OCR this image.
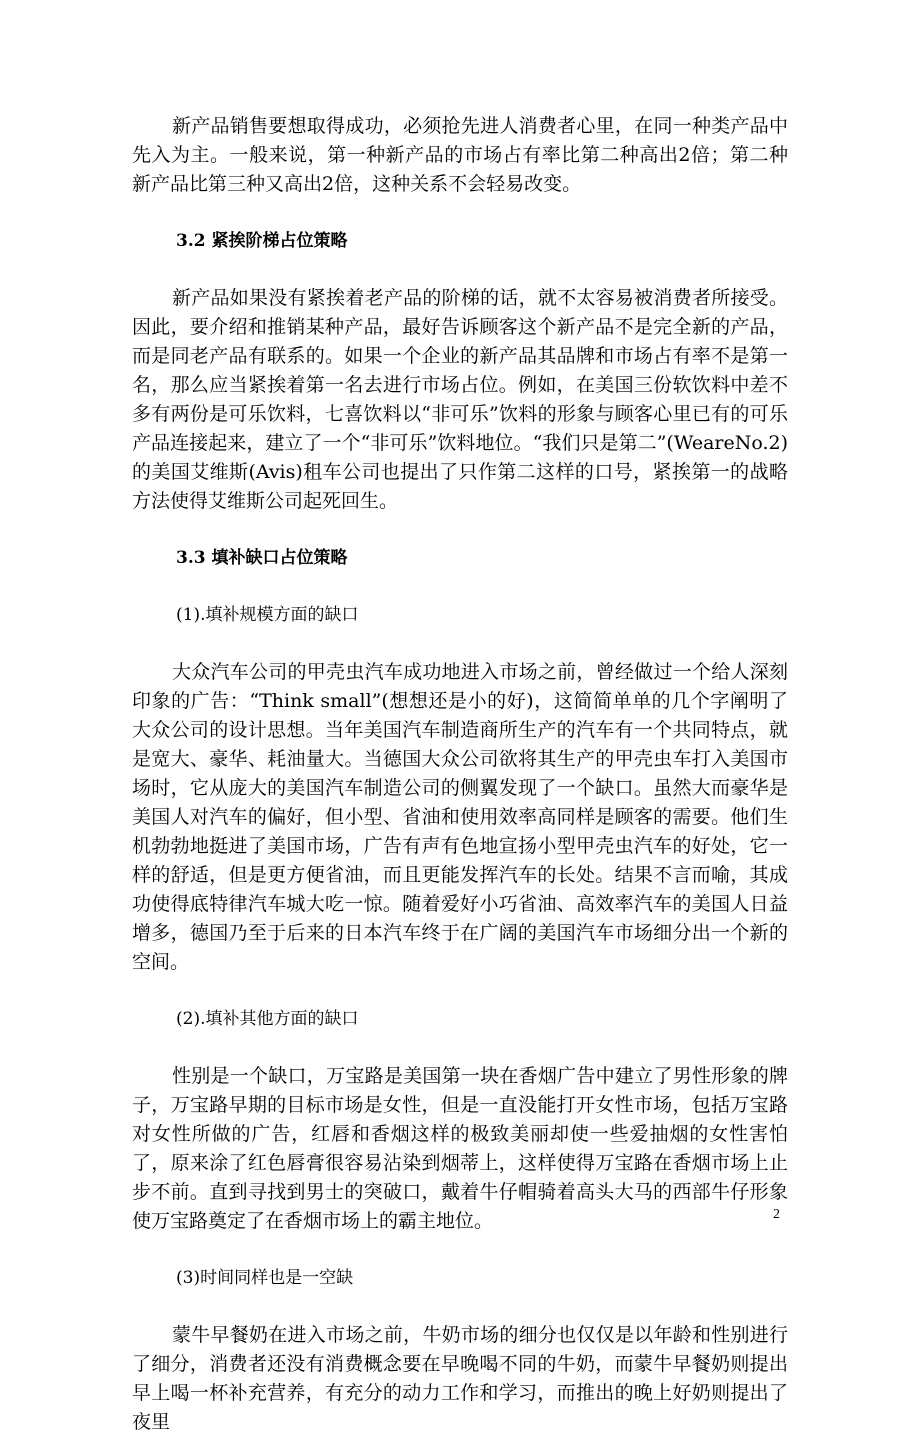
新产品销售要想取得成功，必须抢先进人消费者心里，在同一种类产品中先入为主。一般来说，第一种新产品的市场占有率比第二种高出2倍；第二种新产品比第三种又高出2倍，这种关系不会轻易改变。

3.2 紧挨阶梯占位策略

新产品如果没有紧挨着老产品的阶梯的话，就不太容易被消费者所接受。因此，要介绍和推销某种产品，最好告诉顾客这个新产品不是完全新的产品，而是同老产品有联系的。如果一个企业的新产品其品牌和市场占有率不是第一名，那么应当紧挨着第一名去进行市场占位。例如，在美国三份软饮料中差不多有两份是可乐饮料，七喜饮料以“非可乐”饮料的形象与顾客心里已有的可乐产品连接起来，建立了一个“非可乐”饮料地位。“我们只是第二”(WeareNo.2)的美国艾维斯(Avis)租车公司也提出了只作第二这样的口号，紧挨第一的战略方法使得艾维斯公司起死回生。

3.3 填补缺口占位策略

(1).填补规模方面的缺口

大众汽车公司的甲壳虫汽车成功地进入市场之前，曾经做过一个给人深刻印象的广告：“Think small”(想想还是小的好)，这简简单单的几个字阐明了大众公司的设计思想。当年美国汽车制造商所生产的汽车有一个共同特点，就是宽大、豪华、耗油量大。当德国大众公司欲将其生产的甲壳虫车打入美国市场时，它从庞大的美国汽车制造公司的侧翼发现了一个缺口。虽然大而豪华是美国人对汽车的偏好，但小型、省油和使用效率高同样是顾客的需要。他们生机勃勃地挺进了美国市场，广告有声有色地宣扬小型甲壳虫汽车的好处，它一样的舒适，但是更方便省油，而且更能发挥汽车的长处。结果不言而喻，其成功使得底特律汽车城大吃一惊。随着爱好小巧省油、高效率汽车的美国人日益增多，德国乃至于后来的日本汽车终于在广阔的美国汽车市场细分出一个新的空间。

(2).填补其他方面的缺口

性别是一个缺口，万宝路是美国第一块在香烟广告中建立了男性形象的牌子，万宝路早期的目标市场是女性，但是一直没能打开女性市场，包括万宝路对女性所做的广告，红唇和香烟这样的极致美丽却使一些爱抽烟的女性害怕了，原来涂了红色唇膏很容易沾染到烟蒂上，这样使得万宝路在香烟市场上止步不前。直到寻找到男士的突破口，戴着牛仔帽骑着高头大马的西部牛仔形象使万宝路奠定了在香烟市场上的霸主地位。

(3)时间同样也是一空缺

蒙牛早餐奶在进入市场之前，牛奶市场的细分也仅仅是以年龄和性别进行了细分，消费者还没有消费概念要在早晚喝不同的牛奶，而蒙牛早餐奶则提出早上喝一杯补充营养，有充分的动力工作和学习，而推出的晚上好奶则提出了夜里

2
